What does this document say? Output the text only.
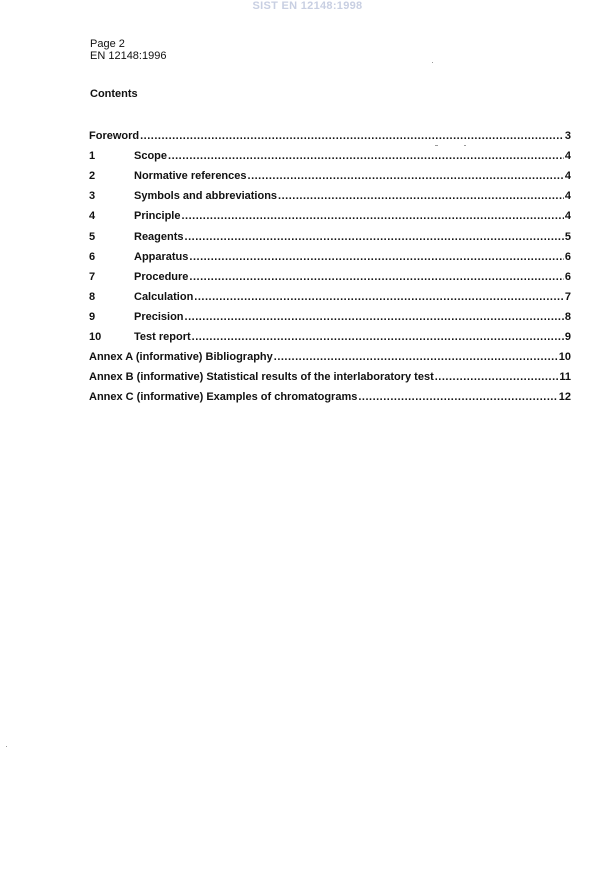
SIST EN 12148:1998
Page 2
EN 12148:1996
Contents
Foreword .....	3
1	Scope .....	4
2	Normative references .....	4
3	Symbols and abbreviations .....	4
4	Principle .....	4
5	Reagents .....	5
6	Apparatus .....	6
7	Procedure .....	6
8	Calculation .....	7
9	Precision .....	8
10	Test report .....	9
Annex A (informative) Bibliography .....	10
Annex B (informative) Statistical results of the interlaboratory test .....	11
Annex C (informative) Examples of chromatograms .....	12
